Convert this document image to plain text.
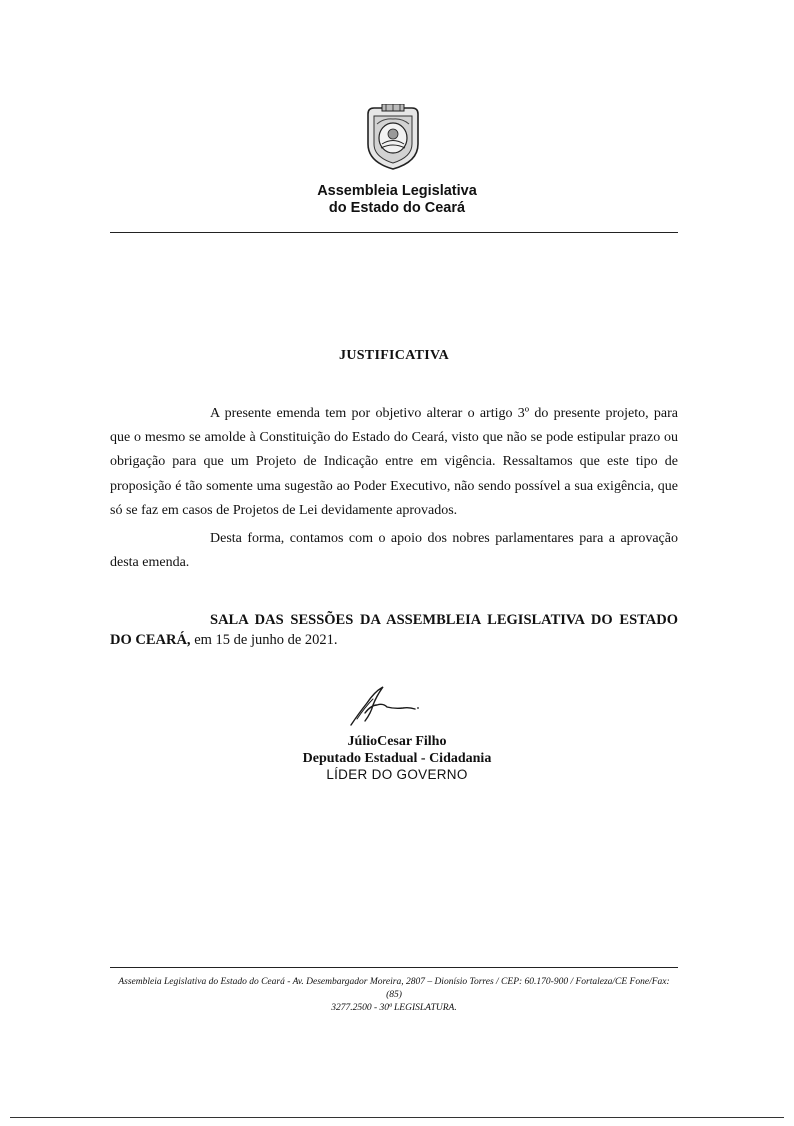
Assembleia Legislativa
do Estado do Ceará
JUSTIFICATIVA
A presente emenda tem por objetivo alterar o artigo 3º do presente projeto, para que o mesmo se amolde à Constituição do Estado do Ceará, visto que não se pode estipular prazo ou obrigação para que um Projeto de Indicação entre em vigência. Ressaltamos que este tipo de proposição é tão somente uma sugestão ao Poder Executivo, não sendo possível a sua exigência, que só se faz em casos de Projetos de Lei devidamente aprovados.
Desta forma, contamos com o apoio dos nobres parlamentares para a aprovação desta emenda.
SALA DAS SESSÕES DA ASSEMBLEIA LEGISLATIVA DO ESTADO DO CEARÁ, em 15 de junho de 2021.
JúlioCesar Filho
Deputado Estadual - Cidadania
LÍDER DO GOVERNO
Assembleia Legislativa do Estado do Ceará - Av. Desembargador Moreira, 2807 – Dionísio Torres / CEP: 60.170-900 / Fortaleza/CE Fone/Fax: (85)
3277.2500 - 30ª LEGISLATURA.
